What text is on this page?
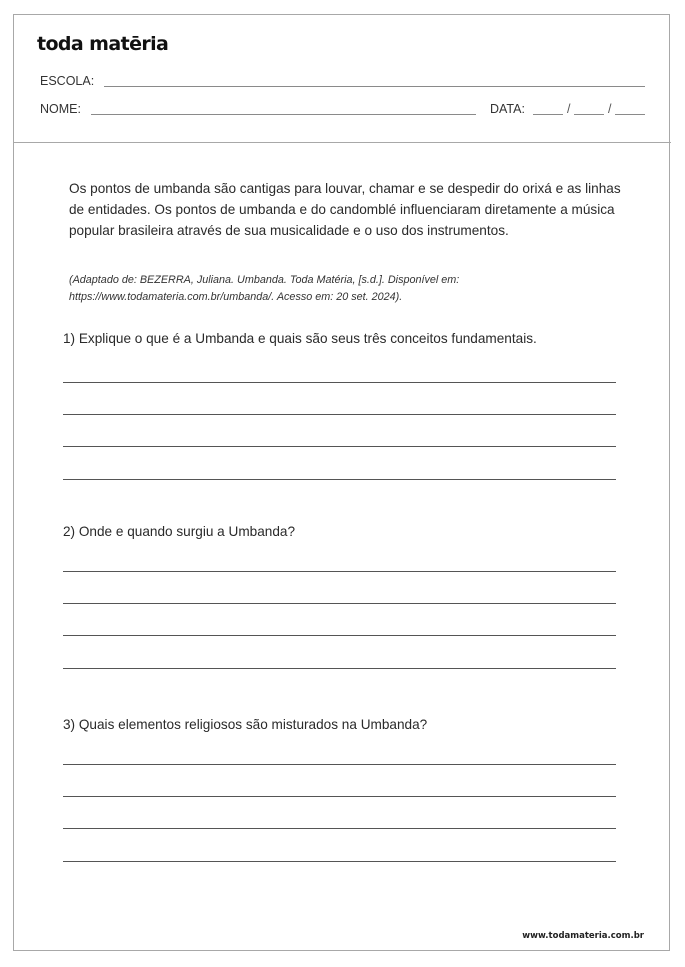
toda matēria
ESCOLA:
NOME:	DATA:	/	/
Os pontos de umbanda são cantigas para louvar, chamar e se despedir do orixá e as linhas de entidades. Os pontos de umbanda e do candomblé influenciaram diretamente a música popular brasileira através de sua musicalidade e o uso dos instrumentos.
(Adaptado de: BEZERRA, Juliana. Umbanda. Toda Matéria, [s.d.]. Disponível em: https://www.todamateria.com.br/umbanda/. Acesso em: 20 set. 2024).
1) Explique o que é a Umbanda e quais são seus três conceitos fundamentais.
2) Onde e quando surgiu a Umbanda?
3) Quais elementos religiosos são misturados na Umbanda?
www.todamateria.com.br
